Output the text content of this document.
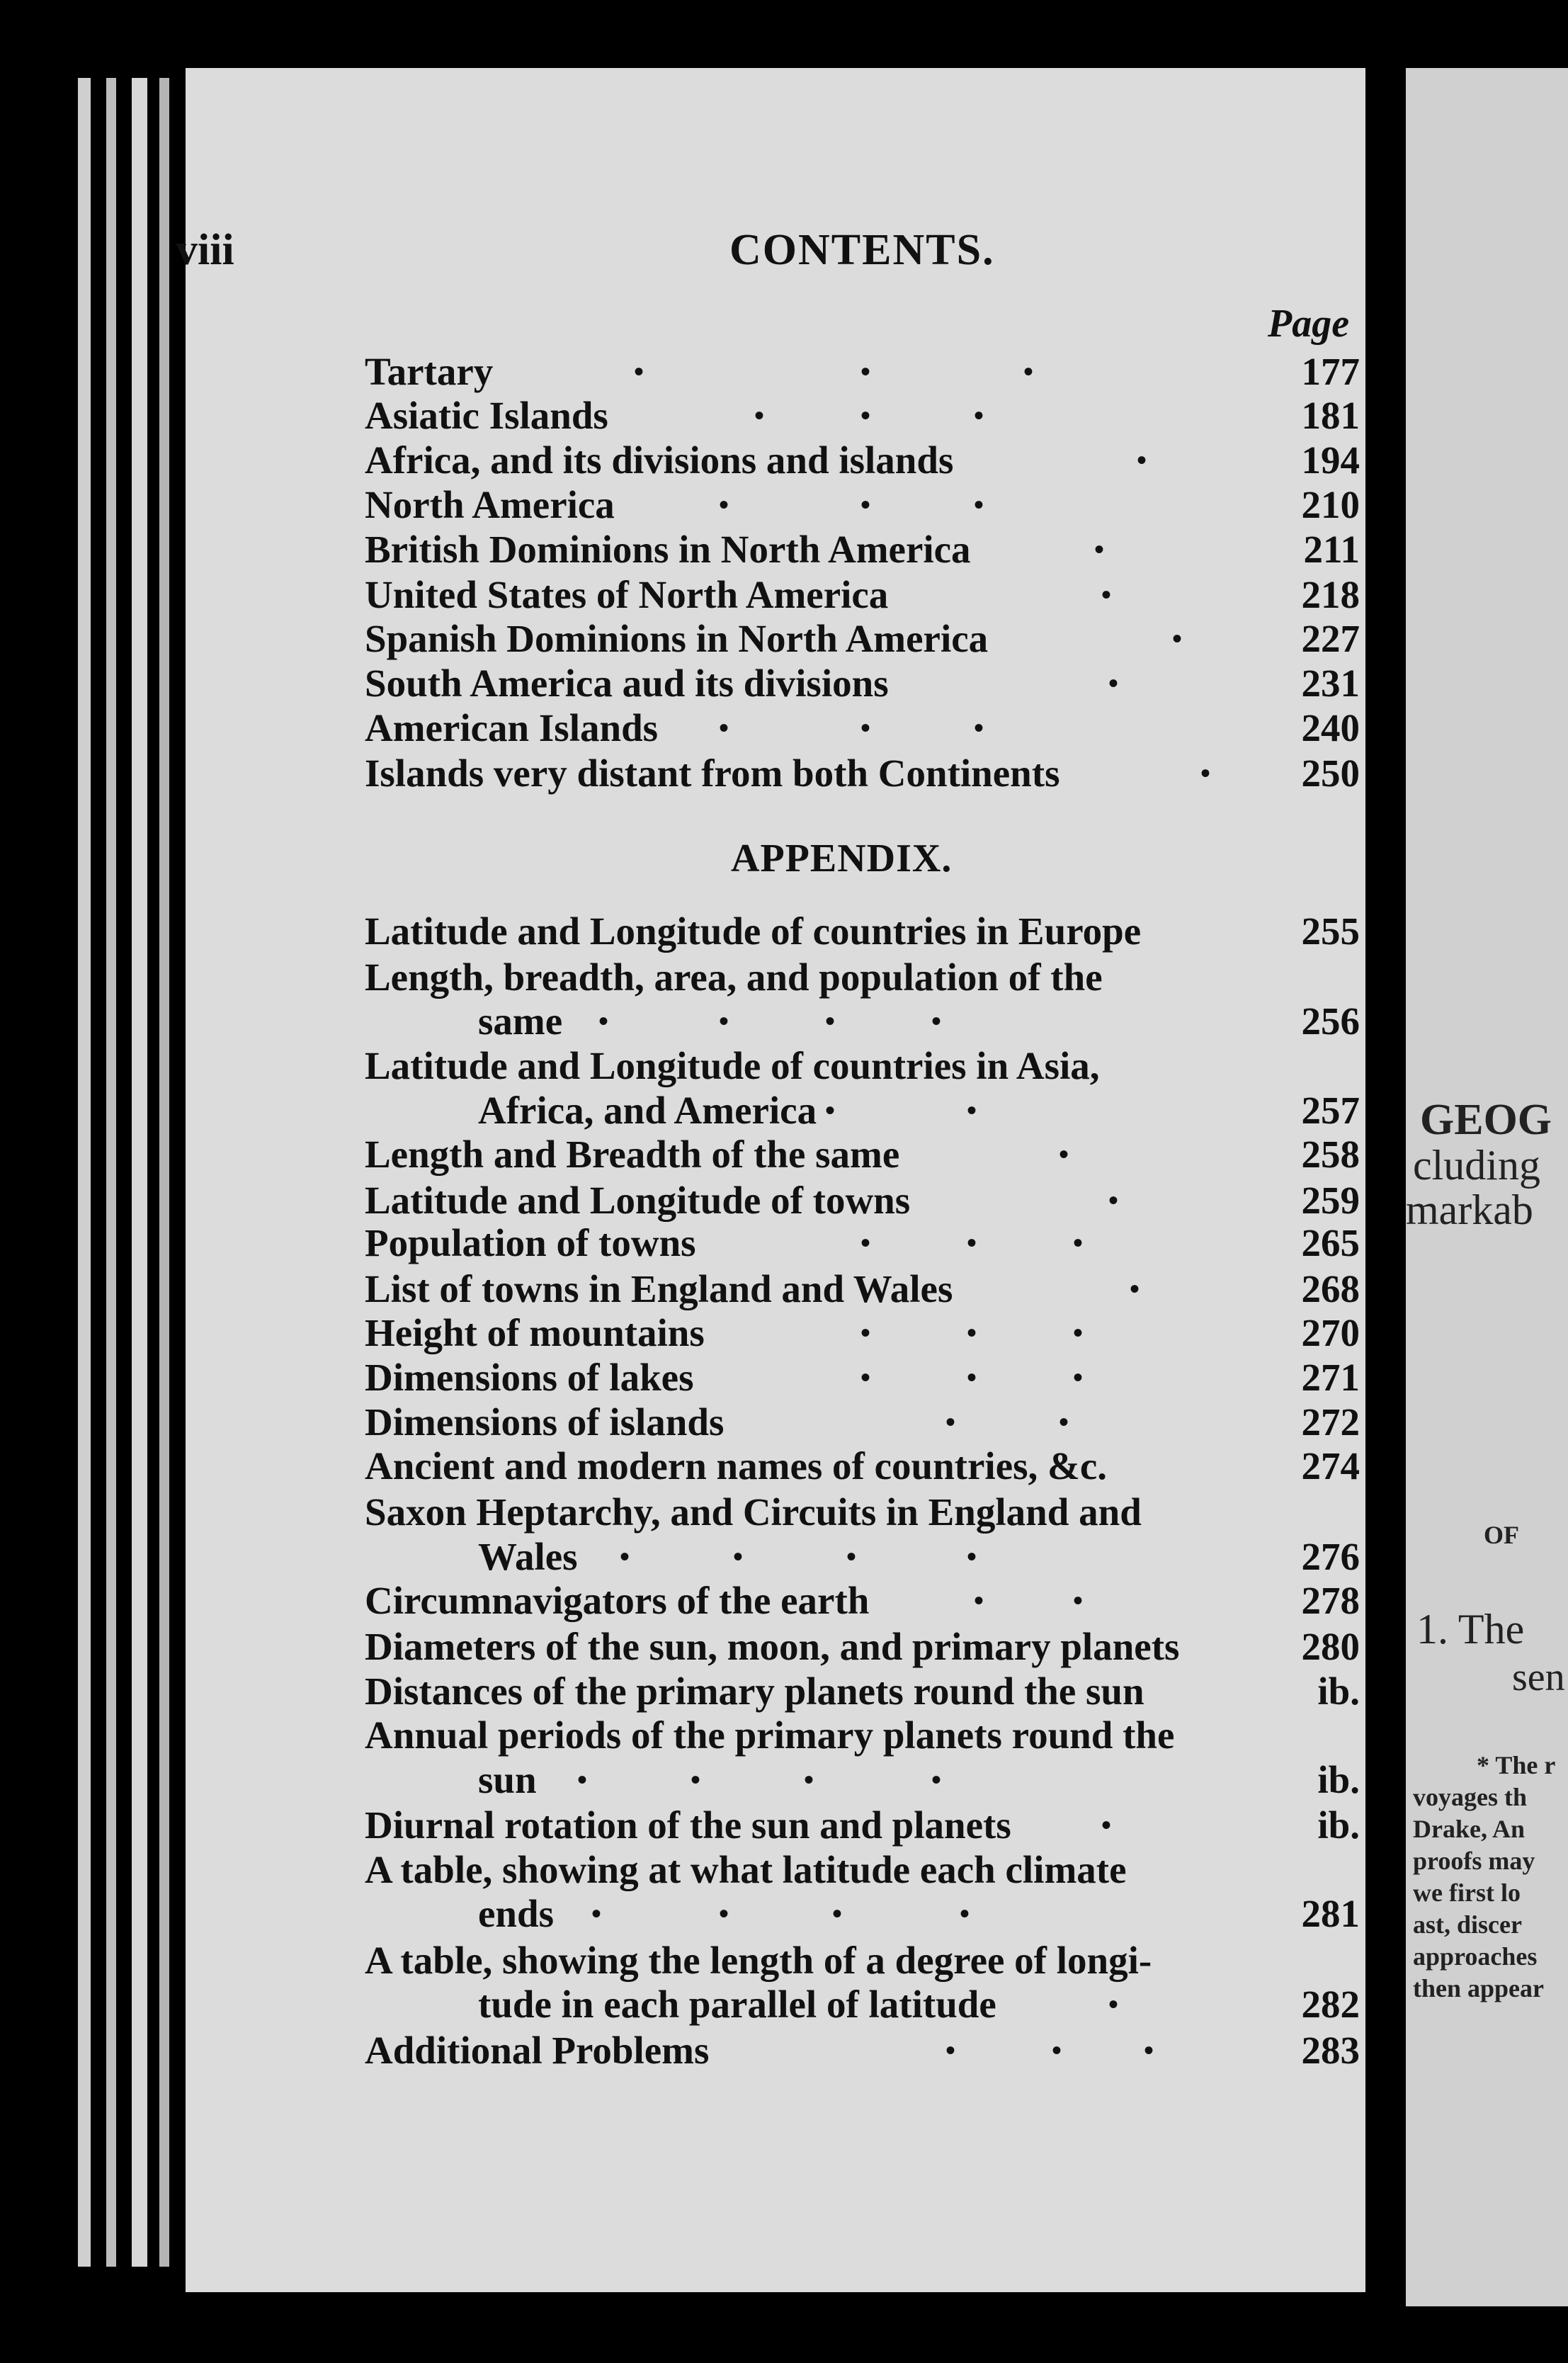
GEOG
cluding
markab
OF
1. The
sen
* The r
voyages th
Drake, An
proofs may
we first lo
ast, discer
approaches
then appear
viii	CONTENTS.
Page
Tartary	•	•	•	177
Asiatic Islands	•	•	•	181
Africa, and its divisions and islands	•	194
North America	•	•	•	210
British Dominions in North America	•	211
United States of North America	•	218
Spanish Dominions in North America	•	227
South America aud its divisions	•	231
American Islands •	•	•	240
Islands very distant from both Continents	•	250
APPENDIX.
Latitude and Longitude of countries in Europe	255
Length, breadth, area, and population of the
same •	•	•	•	256
Latitude and Longitude of countries in Asia,
Africa, and America •	•	257
Length and Breadth of the same	•	258
Latitude and Longitude of towns	•	259
Population of towns	•	•	•	265
List of towns in England and Wales	•	268
Height of mountains	•	•	•	270
Dimensions of lakes	•	•	•	271
Dimensions of islands	•	•	272
Ancient and modern names of countries, &c.	274
Saxon Heptarchy, and Circuits in England and
Wales •	•	•	•	276
Circumnavigators of the earth	•	•	278
Diameters of the sun, moon, and primary planets	280
Distances of the primary planets round the sun	ib.
Annual periods of the primary planets round the
sun •	•	•	•	ib.
Diurnal rotation of the sun and planets	•	ib.
A table, showing at what latitude each climate
ends •	•	•	•	281
A table, showing the length of a degree of longi-
tude in each parallel of latitude	•	282
Additional Problems	•	•	•	283
